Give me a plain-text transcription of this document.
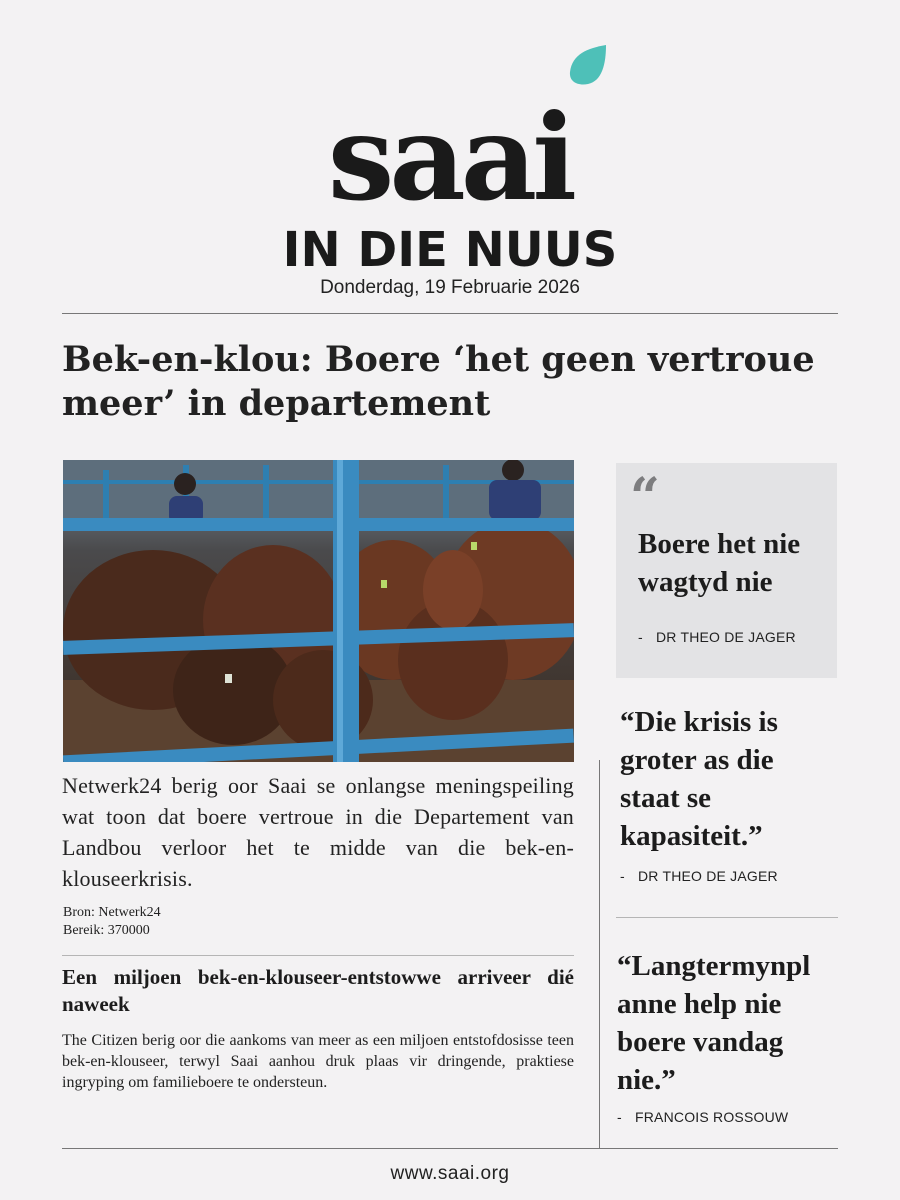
saai
IN DIE NUUS
Donderdag, 19 Februarie 2026
Bek-en-klou: Boere ‘het geen vertroue meer’ in departement
Netwerk24 berig oor Saai se onlangse meningspeiling wat toon dat boere vertroue in die Departement van Landbou verloor het te midde van die bek-en-klouseerkrisis.
Bron: Netwerk24
Bereik: 370000
Een miljoen bek-en-klouseer-entstowwe arriveer dié naweek
The Citizen berig oor die aankoms van meer as een miljoen entstofdosisse teen bek-en-klouseer, terwyl Saai aanhou druk plaas vir dringende, praktiese ingryping om familieboere te ondersteun.
“
Boere het nie wagtyd nie
- DR THEO DE JAGER
“Die krisis is groter as die staat se kapasiteit.”
- DR THEO DE JAGER
“Langtermynpl anne help nie boere vandag nie.”
- FRANCOIS ROSSOUW
www.saai.org
